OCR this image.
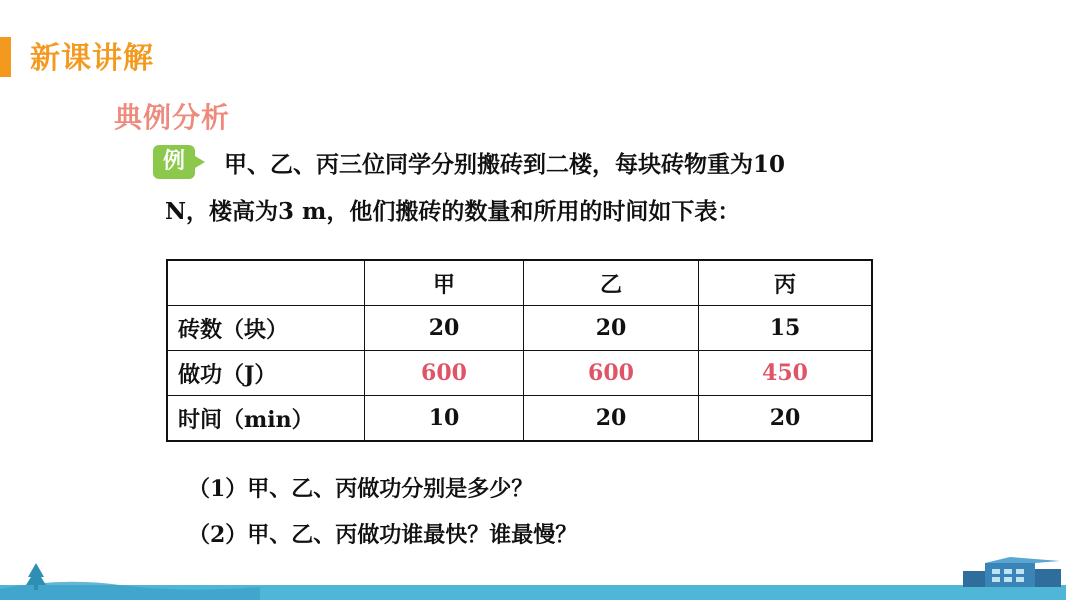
新课讲解
典例分析
例	甲、乙、丙三位同学分别搬砖到二楼，每块砖物重为10
N，楼高为3 m，他们搬砖的数量和所用的时间如下表：
	甲	乙	丙
砖数（块）	20	20	15
做功（J）	600	600	450
时间（min）	10	20	20
（1）甲、乙、丙做功分别是多少？
（2）甲、乙、丙做功谁最快？谁最慢？
